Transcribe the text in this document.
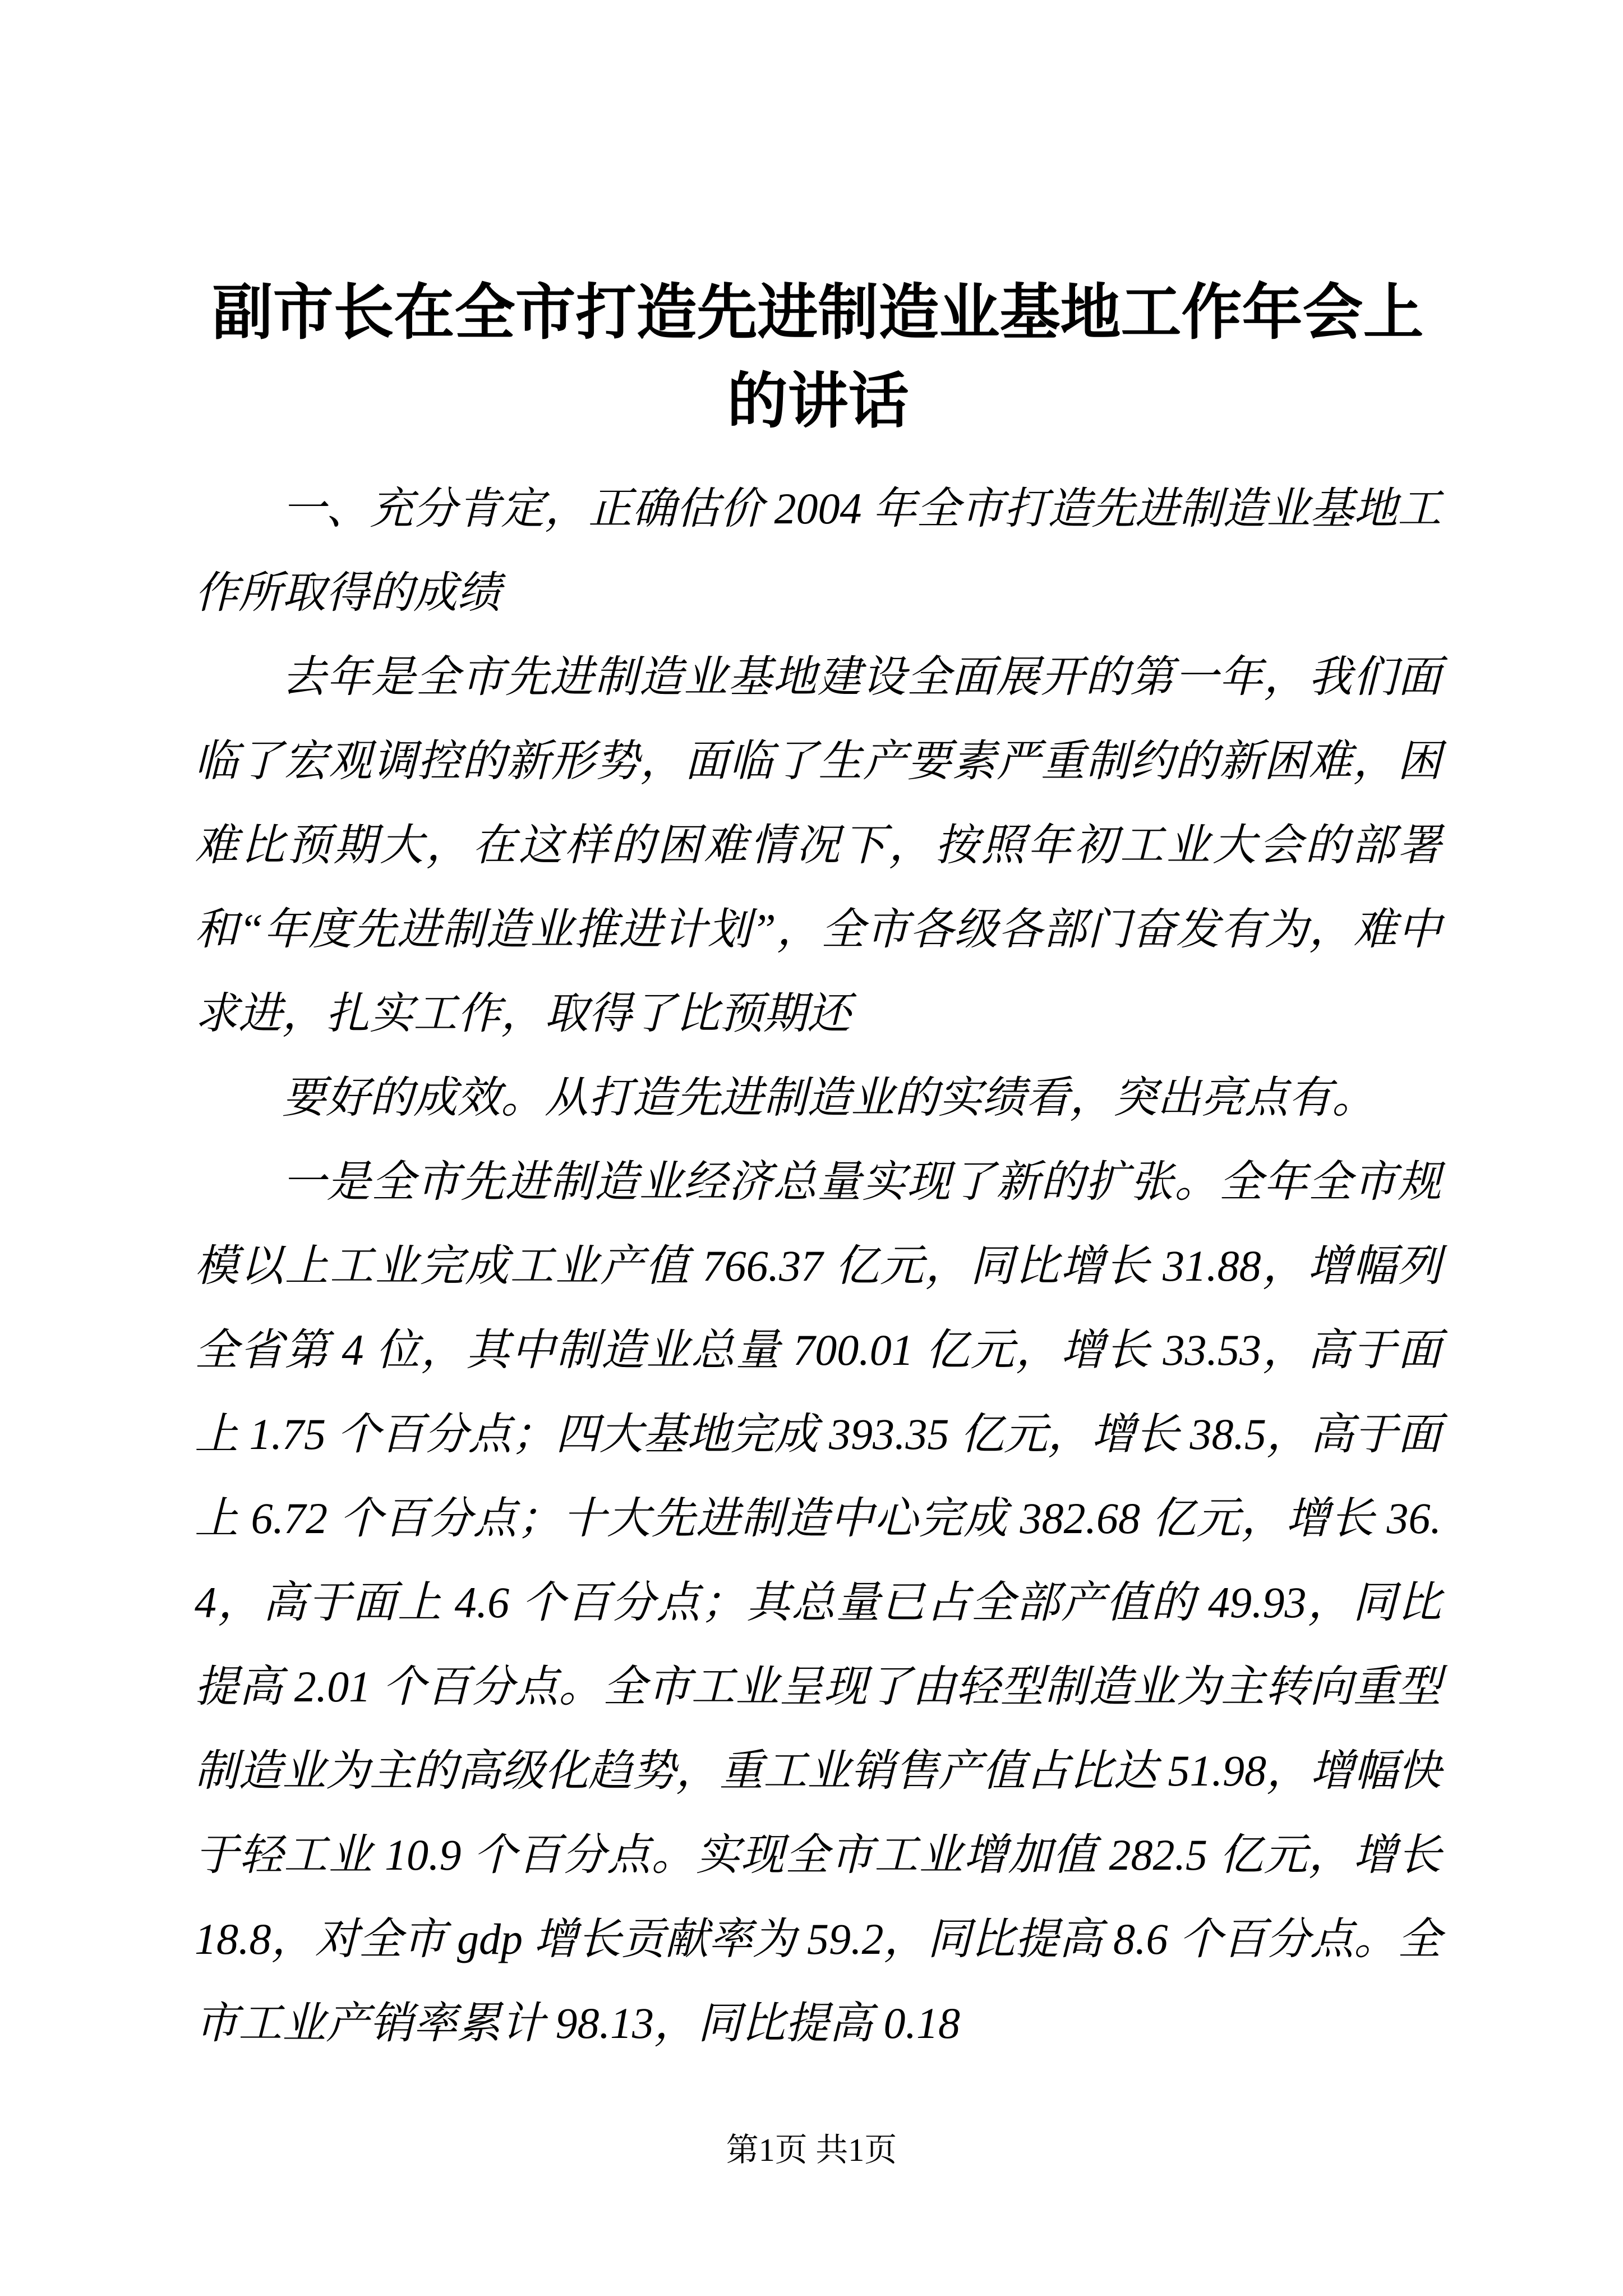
副市长在全市打造先进制造业基地工作年会上的讲话

一、充分肯定，正确估价 2004 年全市打造先进制造业基地工作所取得的成绩

去年是全市先进制造业基地建设全面展开的第一年，我们面临了宏观调控的新形势，面临了生产要素严重制约的新困难，困难比预期大，在这样的困难情况下，按照年初工业大会的部署和“年度先进制造业推进计划”，全市各级各部门奋发有为，难中求进，扎实工作，取得了比预期还

要好的成效。从打造先进制造业的实绩看，突出亮点有。

一是全市先进制造业经济总量实现了新的扩张。全年全市规模以上工业完成工业产值 766.37 亿元，同比增长 31.88，增幅列全省第 4 位，其中制造业总量 700.01 亿元，增长 33.53，高于面上 1.75 个百分点；四大基地完成 393.35 亿元，增长 38.5，高于面上 6.72 个百分点；十大先进制造中心完成 382.68 亿元，增长 36.4，高于面上 4.6 个百分点；其总量已占全部产值的 49.93，同比提高 2.01 个百分点。全市工业呈现了由轻型制造业为主转向重型制造业为主的高级化趋势，重工业销售产值占比达 51.98，增幅快于轻工业 10.9 个百分点。实现全市工业增加值 282.5 亿元，增长 18.8，对全市 gdp 增长贡献率为 59.2，同比提高 8.6 个百分点。全市工业产销率累计 98.13，同比提高 0.18

第1页 共1页
